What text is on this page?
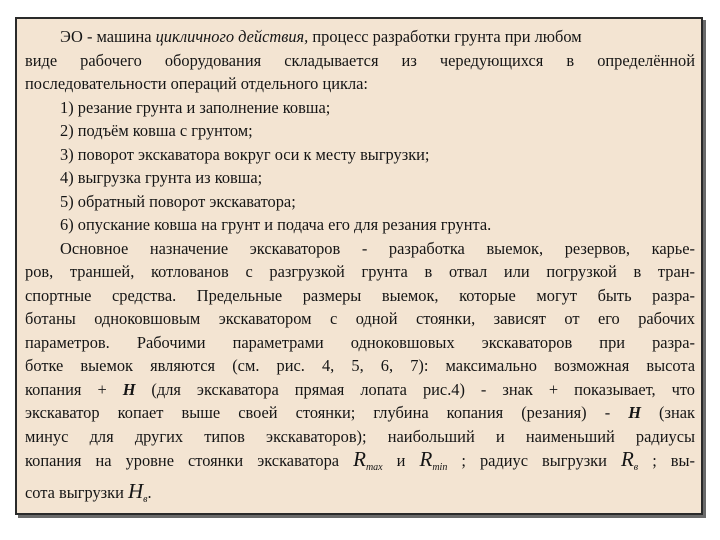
ЭО - машина цикличного действия, процесс разработки грунта при любом
виде рабочего оборудования складывается из чередующихся в определённой
последовательности операций отдельного цикла:
1) резание грунта и заполнение ковша;
2) подъём ковша с грунтом;
3) поворот экскаватора вокруг оси к месту выгрузки;
4) выгрузка грунта из ковша;
5) обратный поворот экскаватора;
6) опускание ковша на грунт и подача его для резания грунта.
Основное назначение экскаваторов - разработка выемок, резервов, карье-
ров, траншей, котлованов с разгрузкой грунта в отвал или погрузкой в тран-
спортные средства. Предельные размеры выемок, которые могут быть разра-
ботаны одноковшовым экскаватором с одной стоянки, зависят от его рабочих
параметров. Рабочими параметрами одноковшовых экскаваторов при разра-
ботке выемок являются (см. рис. 4, 5, 6, 7): максимально возможная высота
копания + H (для экскаватора прямая лопата рис.4) - знак + показывает, что
экскаватор копает выше своей стоянки; глубина копания (резания) - H (знак
минус для других типов экскаваторов); наибольший и наименьший радиусы
копания на уровне стоянки экскаватора $R_{max}$ и $R_{min}$ ; радиус выгрузки $R_в$ ; вы-
сота выгрузки $H_в$.
